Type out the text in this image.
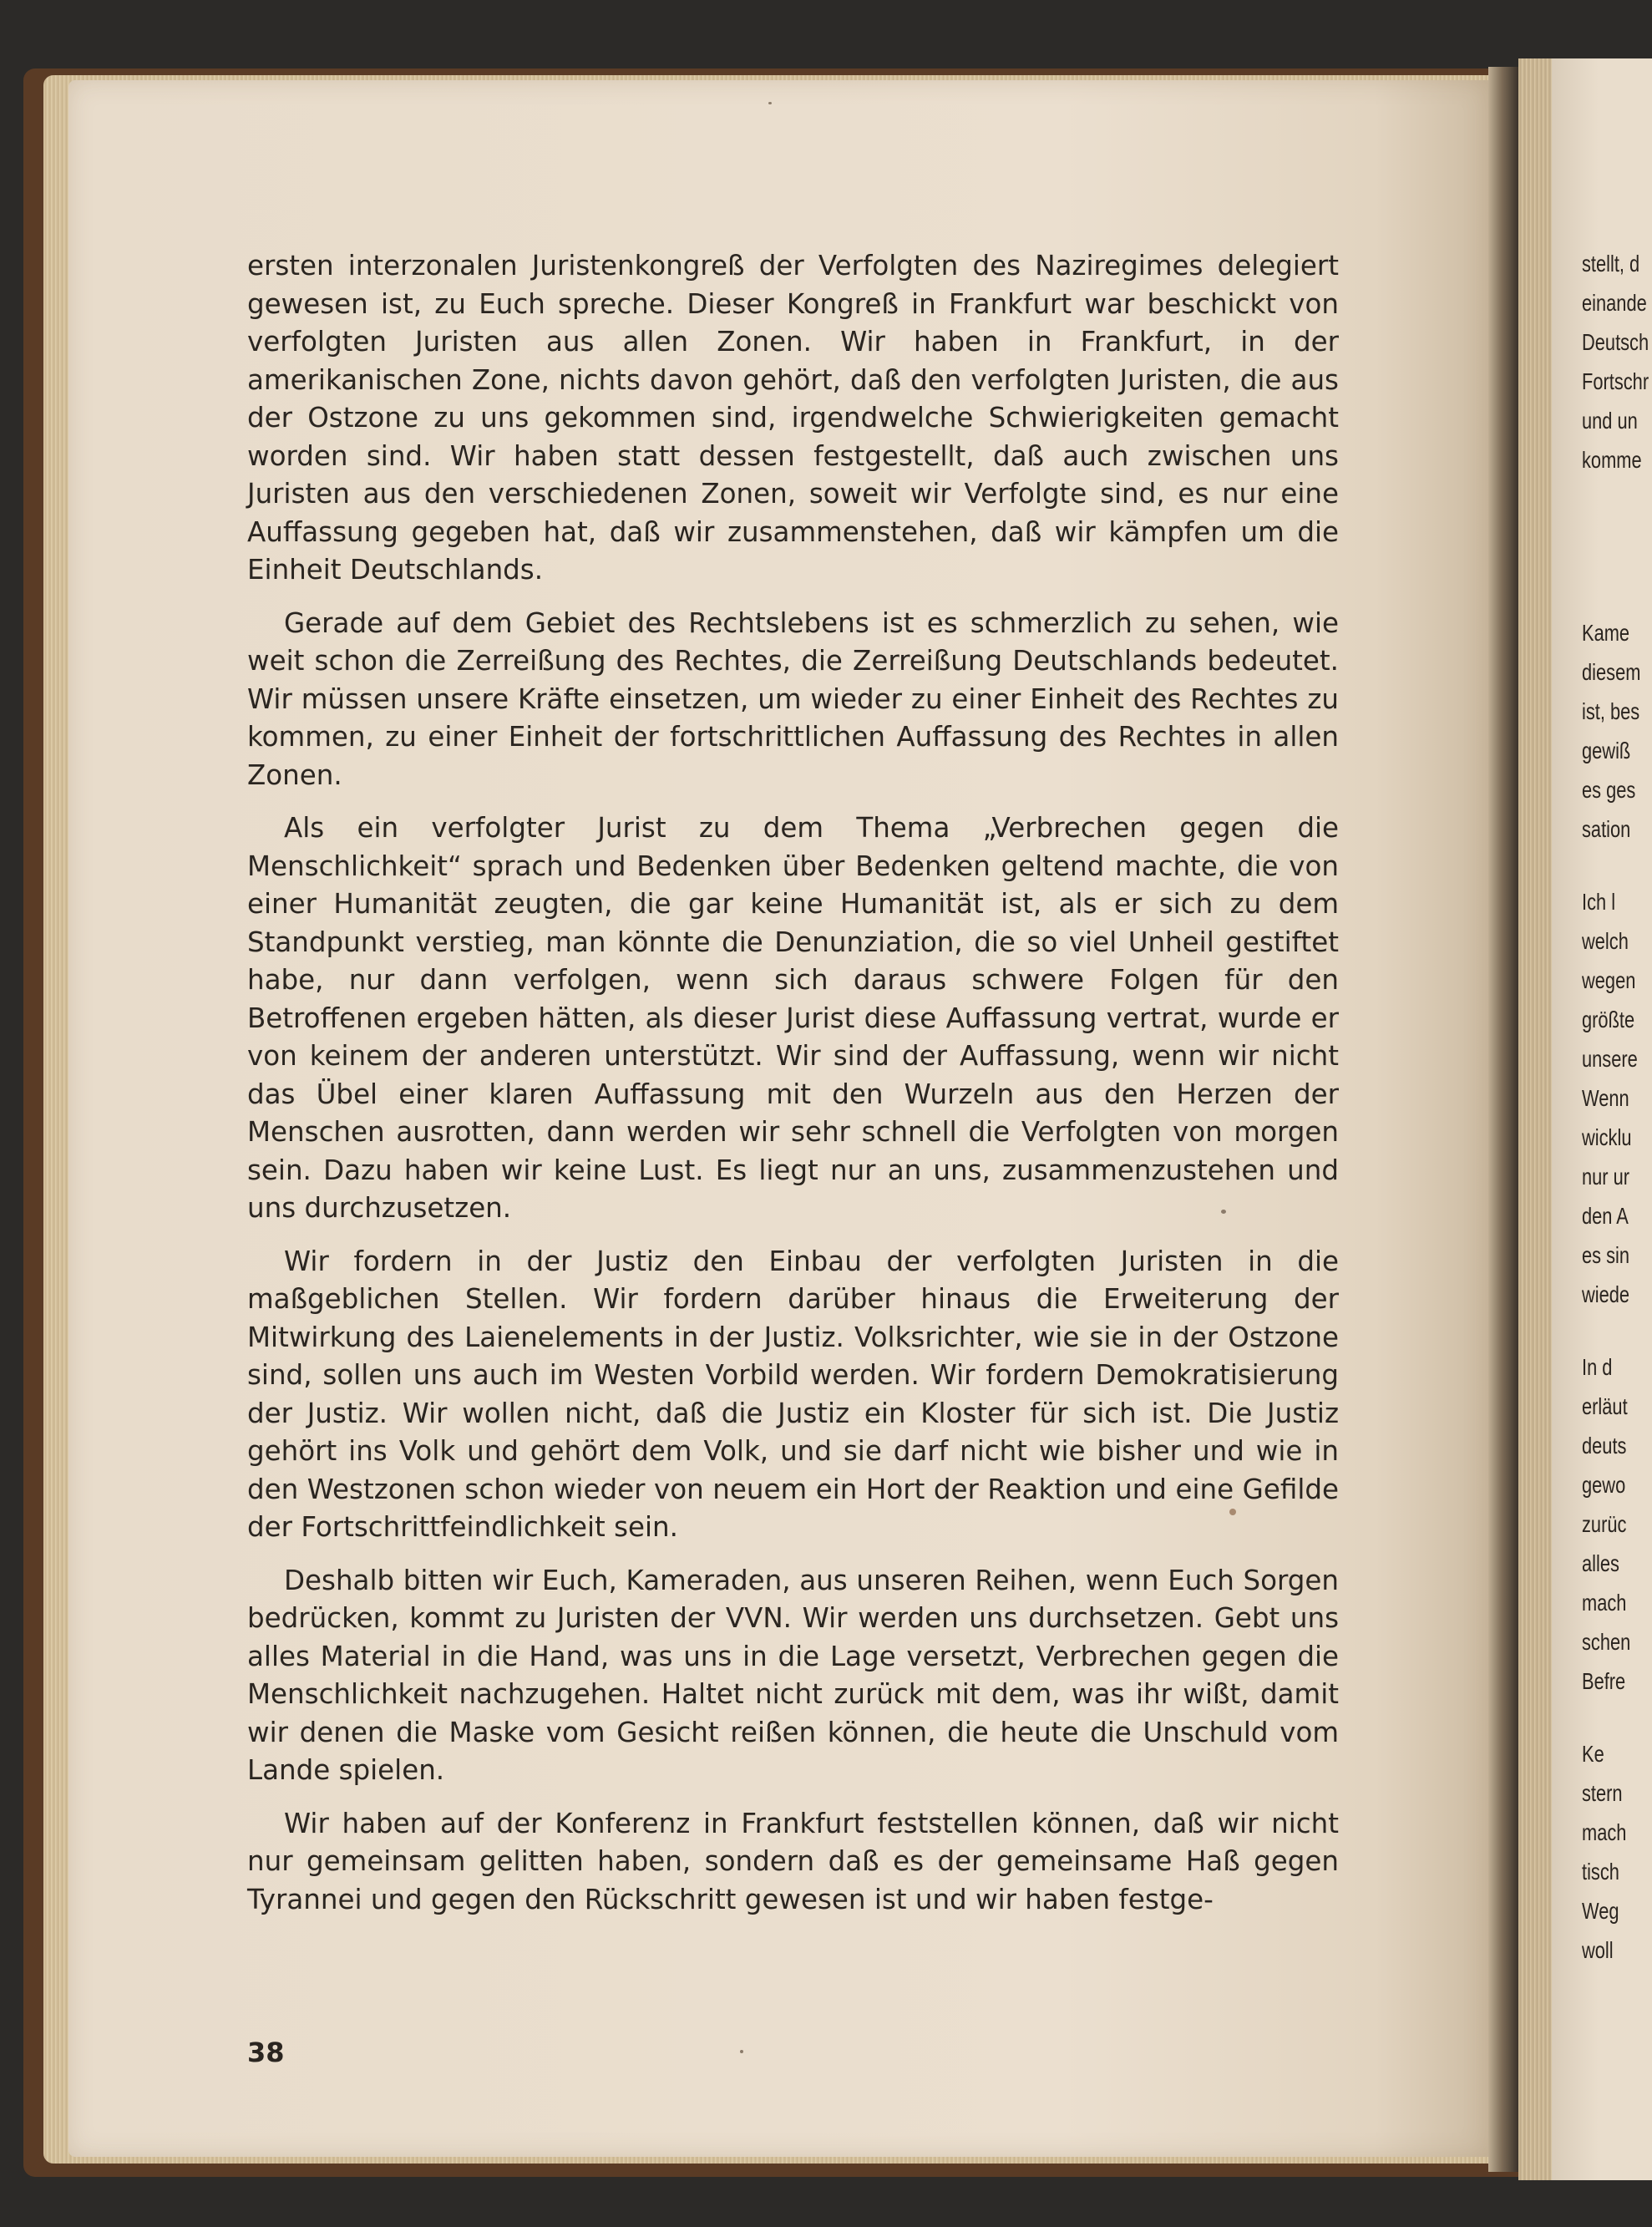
ersten interzonalen Juristenkongreß der Verfolgten des Naziregimes delegiert gewesen ist, zu Euch spreche. Dieser Kongreß in Frankfurt war beschickt von verfolgten Juristen aus allen Zonen. Wir haben in Frankfurt, in der amerikanischen Zone, nichts davon gehört, daß den verfolgten Juristen, die aus der Ostzone zu uns gekommen sind, irgendwelche Schwierigkeiten gemacht worden sind. Wir haben statt dessen festgestellt, daß auch zwischen uns Juristen aus den verschiedenen Zonen, soweit wir Verfolgte sind, es nur eine Auffassung gegeben hat, daß wir zusammenstehen, daß wir kämpfen um die Einheit Deutschlands.

Gerade auf dem Gebiet des Rechtslebens ist es schmerzlich zu sehen, wie weit schon die Zerreißung des Rechtes, die Zerreißung Deutschlands bedeutet. Wir müssen unsere Kräfte einsetzen, um wieder zu einer Einheit des Rechtes zu kommen, zu einer Einheit der fortschrittlichen Auffassung des Rechtes in allen Zonen.

Als ein verfolgter Jurist zu dem Thema „Verbrechen gegen die Menschlichkeit“ sprach und Bedenken über Bedenken geltend machte, die von einer Humanität zeugten, die gar keine Humanität ist, als er sich zu dem Standpunkt verstieg, man könnte die Denunziation, die so viel Unheil gestiftet habe, nur dann verfolgen, wenn sich daraus schwere Folgen für den Betroffenen ergeben hätten, als dieser Jurist diese Auffassung vertrat, wurde er von keinem der anderen unterstützt. Wir sind der Auffassung, wenn wir nicht das Übel einer klaren Auffassung mit den Wurzeln aus den Herzen der Menschen ausrotten, dann werden wir sehr schnell die Verfolgten von morgen sein. Dazu haben wir keine Lust. Es liegt nur an uns, zusammenzustehen und uns durchzusetzen.

Wir fordern in der Justiz den Einbau der verfolgten Juristen in die maßgeblichen Stellen. Wir fordern darüber hinaus die Erweiterung der Mitwirkung des Laienelements in der Justiz. Volksrichter, wie sie in der Ostzone sind, sollen uns auch im Westen Vorbild werden. Wir fordern Demokratisierung der Justiz. Wir wollen nicht, daß die Justiz ein Kloster für sich ist. Die Justiz gehört ins Volk und gehört dem Volk, und sie darf nicht wie bisher und wie in den Westzonen schon wieder von neuem ein Hort der Reaktion und eine Gefilde der Fortschrittfeindlichkeit sein.

Deshalb bitten wir Euch, Kameraden, aus unseren Reihen, wenn Euch Sorgen bedrücken, kommt zu Juristen der VVN. Wir werden uns durchsetzen. Gebt uns alles Material in die Hand, was uns in die Lage versetzt, Verbrechen gegen die Menschlichkeit nachzugehen. Haltet nicht zurück mit dem, was ihr wißt, damit wir denen die Maske vom Gesicht reißen können, die heute die Unschuld vom Lande spielen.

Wir haben auf der Konferenz in Frankfurt feststellen können, daß wir nicht nur gemeinsam gelitten haben, sondern daß es der gemeinsame Haß gegen Tyrannei und gegen den Rückschritt gewesen ist und wir haben festge-

38
stellt, d
einande
Deutsch
Fortschr
und un
komme
Kame
diesem
ist, bes
gewiß
es ges
sation
Ich l
welch
wegen
größte
unsere
Wenn
wicklu
nur ur
den A
es sin
wiede
In d
erläut
deuts
gewo
zurüc
alles
mach
schen
Befre
Ke
stern
mach
tisch
Weg
woll
